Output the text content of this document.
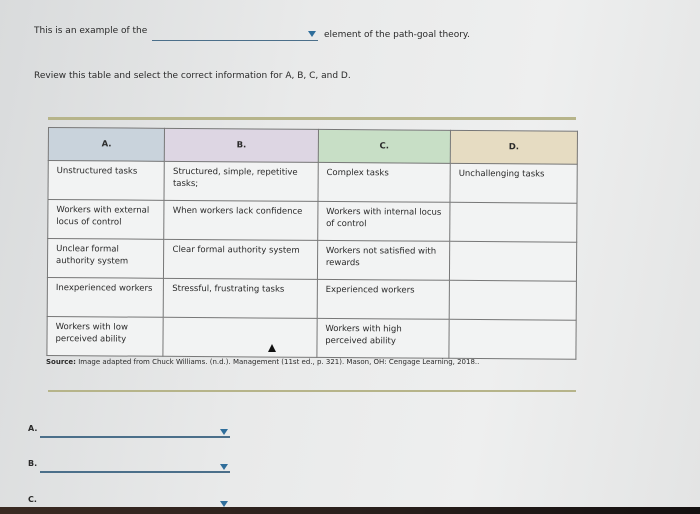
This is an example of the	element of the path-goal theory.
Review this table and select the correct information for A, B, C, and D.
A.	B.	C.	D.
Unstructured tasks	Structured, simple, repetitive tasks;	Complex tasks	Unchallenging tasks
Workers with external locus of control	When workers lack confidence	Workers with internal locus of control	
Unclear formal authority system	Clear formal authority system	Workers not satisfied with rewards	
Inexperienced workers	Stressful, frustrating tasks	Experienced workers	
Workers with low perceived ability		Workers with high perceived ability	
Source: Image adapted from Chuck Williams. (n.d.). Management (11st ed., p. 321). Mason, OH: Cengage Learning, 2018..
A.
B.
C.
